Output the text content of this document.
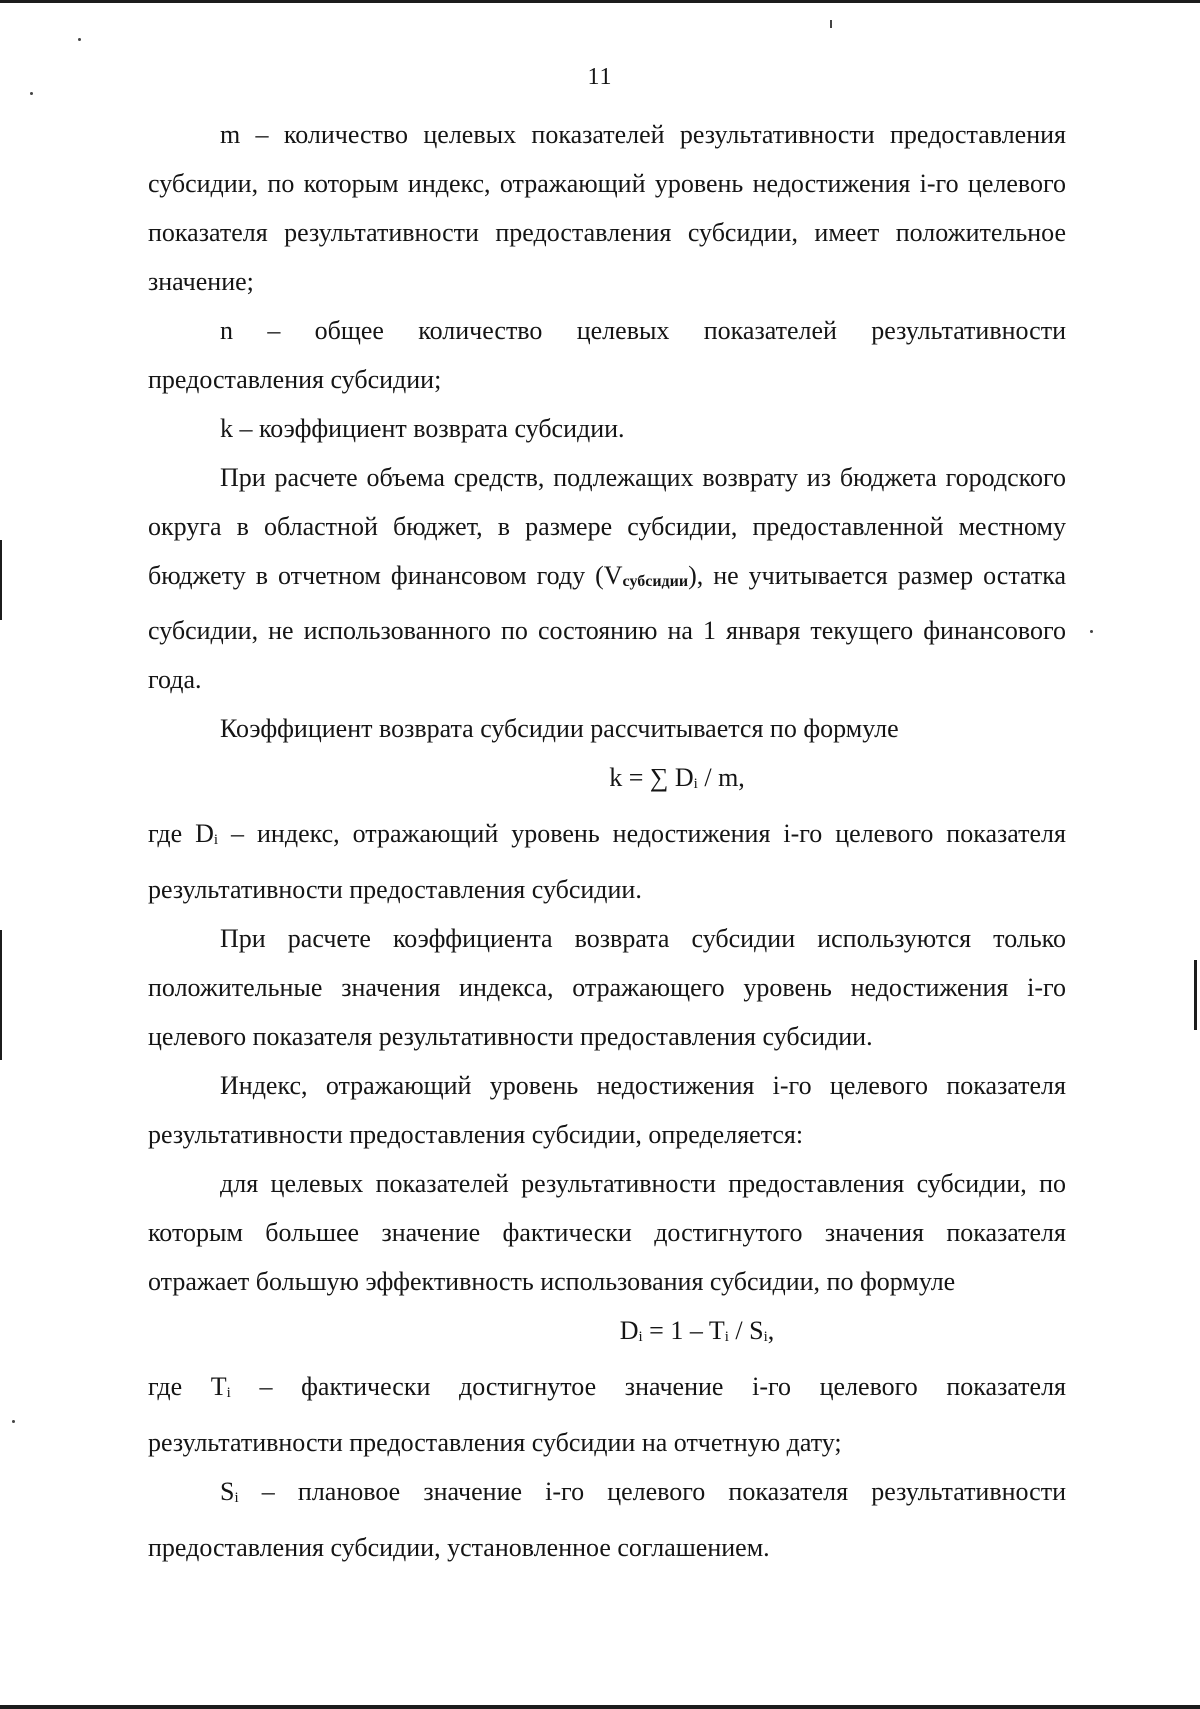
11

m – количество целевых показателей результативности предоставления субсидии, по которым индекс, отражающий уровень недостижения i-го целевого показателя результативности предоставления субсидии, имеет положительное значение;

n – общее количество целевых показателей результативности предоставления субсидии;

k – коэффициент возврата субсидии.

При расчете объема средств, подлежащих возврату из бюджета городского округа в областной бюджет, в размере субсидии, предоставленной местному бюджету в отчетном финансовом году (Vсубсидии), не учитывается размер остатка субсидии, не использованного по состоянию на 1 января текущего финансового года.

Коэффициент возврата субсидии рассчитывается по формуле

k = ∑ Di / m,

где Di – индекс, отражающий уровень недостижения i-го целевого показателя результативности предоставления субсидии.

При расчете коэффициента возврата субсидии используются только положительные значения индекса, отражающего уровень недостижения i-го целевого показателя результативности предоставления субсидии.

Индекс, отражающий уровень недостижения i-го целевого показателя результативности предоставления субсидии, определяется:

для целевых показателей результативности предоставления субсидии, по которым большее значение фактически достигнутого значения показателя отражает большую эффективность использования субсидии, по формуле

Di = 1 – Ti / Si,

где Ti – фактически достигнутое значение i-го целевого показателя результативности предоставления субсидии на отчетную дату;

Si – плановое значение i-го целевого показателя результативности предоставления субсидии, установленное соглашением.
